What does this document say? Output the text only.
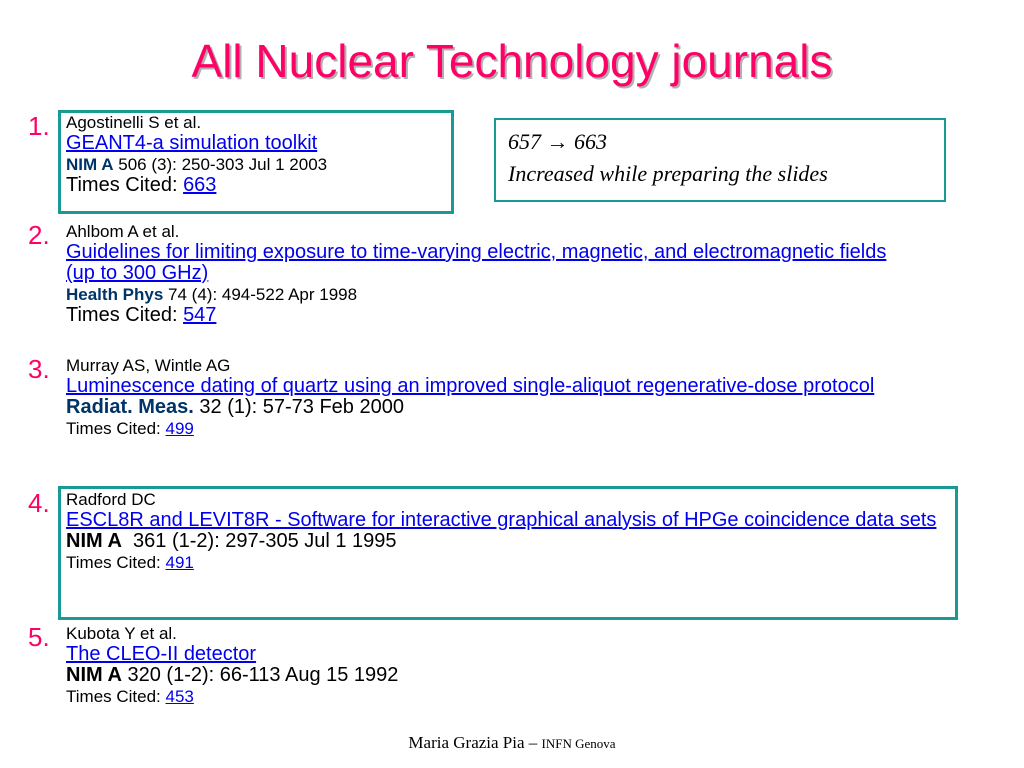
All Nuclear Technology journals
657 → 663
Increased while preparing the slides
1. Agostinelli S et al.
GEANT4-a simulation toolkit
NIM A 506 (3): 250-303 Jul 1 2003
Times Cited: 663
2. Ahlbom A et al.
Guidelines for limiting exposure to time-varying electric, magnetic, and electromagnetic fields (up to 300 GHz)
Health Phys 74 (4): 494-522 Apr 1998
Times Cited: 547
3. Murray AS, Wintle AG
Luminescence dating of quartz using an improved single-aliquot regenerative-dose protocol
Radiat. Meas. 32 (1): 57-73 Feb 2000
Times Cited: 499
4. Radford DC
ESCL8R and LEVIT8R - Software for interactive graphical analysis of HPGe coincidence data sets
NIM A  361 (1-2): 297-305 Jul 1 1995
Times Cited: 491
5. Kubota Y et al.
The CLEO-II detector
NIM A 320 (1-2): 66-113 Aug 15 1992
Times Cited: 453
Maria Grazia Pia – INFN Genova
